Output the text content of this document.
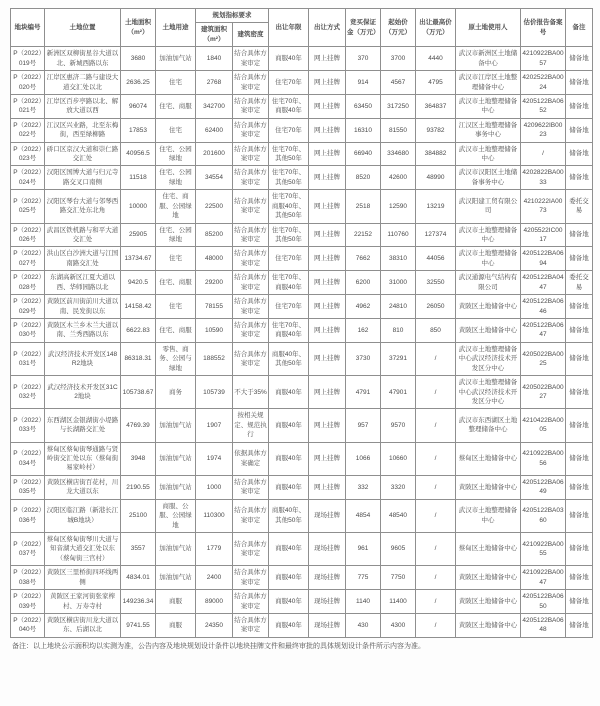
地块编号	土地位置	土地面积（m²）	土地用途	规划指标要求		出让年限	出让方式	竞买保证金（万元）	起始价（万元）	出让最高价（万元）	原土地使用人	估价报告备案号	备注
				建筑面积（m²）	建筑密度								
P（2022）019号	新洲区双柳街星谷大道以北、新城西路以东	3680	加油加气站	1840	结合具体方案审定	商服40年	网上挂牌	370	3700	4440	武汉市新洲区土地储备中心	4210922BA0057	储备地
P（2022）020号	江岸区惠济二路与建设大道交汇处以北	2636.25	住宅	2768	结合具体方案审定	住宅70年	网上挂牌	914	4567	4795	武汉市江岸区土地整理储备中心	4202522BA0024	储备地
P（2022）021号	江岸区百步亭路以北、解放大道以西	96074	住宅、商服	342700	结合具体方案审定	住宅70年、商服40年	网上挂牌	63450	317250	364837	武汉市土地整理储备中心	4205122BA0652	储备地
P（2022）022号	江汉区兴业路，北至东梅街，西至绿柳路	17853	住宅	62400	结合具体方案审定	住宅70年	网上挂牌	16310	81550	93782	江汉区土地整理储备事务中心	4209622IB0023	储备地
P（2022）023号	硚口区京汉大道和崇仁路交汇处	40956.5	住宅、公园绿地	201600	结合具体方案审定	住宅70年、其他50年	网上挂牌	66940	334680	384882	武汉市土地整理储备中心	/	储备地
P（2022）024号	汉阳区国博大道与归元寺路交叉口南侧	11518	住宅、公园绿地	34554	结合具体方案审定	住宅70年、其他50年	网上挂牌	8520	42600	48990	武汉市汉阳区土地储备事务中心	4202822BA0033	储备地
P（2022）025号	汉阳区琴台大道与邻琴西路交汇处东北角	10000	住宅、商服、公园绿地	22500	结合具体方案审定	住宅70年、商服40年、其他50年	网上挂牌	2518	12590	13219	武汉阳建工贸有限公司	4210222IA0073	委托交易
P（2022）026号	武昌区铁机路与和平大道交汇处	25905	住宅、公园绿地	85200	结合具体方案审定	住宅70年、其他50年	网上挂牌	22152	110760	127374	武汉市土地整理储备中心	4205522IC0017	储备地
P（2022）027号	洪山区白沙洲大道与江国南路交汇处	13734.67	住宅	48000	结合具体方案审定	住宅70年	网上挂牌	7662	38310	44056	武汉市土地整理储备中心	4205122BA0694	储备地
P（2022）028号	东湖高新区江夏大道以西、华师园路以北	9420.5	住宅、商服	29200	结合具体方案审定	住宅70年、商服40年	网上挂牌	6200	31000	32550	武汉通源电气结构有限公司	4205122BA0447	委托交易
P（2022）029号	黄陂区前川街前川大道以南、民发街以东	14158.42	住宅	78155	结合具体方案审定	住宅70年	网上挂牌	4962	24810	26050	黄陂区土地储备中心	4205122BA0646	储备地
P（2022）030号	黄陂区木兰乡木兰大道以南、兰秀西路以东	6622.83	住宅、商服	10590	结合具体方案审定	住宅70年、商服40年	网上挂牌	162	810	850	黄陂区土地储备中心	4205122BA0647	储备地
P（2022）031号	武汉经济技术开发区148R2地块	86318.31	零售、商务、公园与绿地	188552	结合具体方案审定	商服40年、其他50年	网上挂牌	3730	37291	/	武汉市土地整理储备中心武汉经济技术开发区分中心	4205022BA0025	储备地
P（2022）032号	武汉经济技术开发区31C2地块	105738.67	商务	105739	不大于35%	商服40年	网上挂牌	4791	47901	/	武汉市土地整理储备中心武汉经济技术开发区分中心	4205022BA0027	储备地
P（2022）033号	东西湖区金银湖街小堤路与长湖路交汇处	4769.39	加油加气站	1907	按相关规定、规范执行	商服40年	网上挂牌	957	9570	/	武汉市东西湖区土地整理储备中心	4210422BA0005	储备地
P（2022）034号	蔡甸区蔡甸街琴通路与贤岭街交汇处以东（蔡甸街易家岭村）	3948	加油加气站	1974	依据具体方案确定	商服40年	网上挂牌	1066	10660	/	蔡甸区土地储备中心	4210922BA0056	储备地
P（2022）035号	黄陂区横店街百花村，川龙大道以东	2190.55	加油加气站	1000	结合具体方案审定	商服40年	网上挂牌	332	3320	/	黄陂区土地储备中心	4205122BA0649	储备地
P（2022）036号	汉阳区临江路（新港长江城B地块）	25100	商服、公服、公园绿地	110300	结合具体方案审定	商服40年、其他50年	现场挂牌	4854	48540	/	武汉市土地整理储备中心	4205122BA0360	储备地
P（2022）037号	蔡甸区蔡甸街琴川大道与知音湖大道交汇处以东（蔡甸街三官村）	3557	加油加气站	1779	结合具体方案审定	商服40年	现场挂牌	961	9605	/	蔡甸区土地储备中心	4210922BA0055	储备地
P（2022）038号	黄陂区三里桥街四环线两侧	4834.01	加油加气站	2400	结合具体方案审定	商服40年	现场挂牌	775	7750	/	黄陂区土地储备中心	4210922BA0047	储备地
P（2022）039号	黄陂区王家河街张家榨村、万寿寺村	149236.34	商服	89000	结合具体方案审定	商服40年	现场挂牌	1140	11400	/	黄陂区土地储备中心	4205122BA0650	储备地
P（2022）040号	黄陂区横店街川龙大道以东、后湖以北	9741.55	商服	24350	结合具体方案审定	商服40年	现场挂牌	430	4300	/	黄陂区土地储备中心	4205122BA0648	储备地
备注：以上地块公示面积均以实测为准，公告内容及地块规划设计条件以地块挂牌文件和最终审批的具体规划设计条件所示内容为准。
